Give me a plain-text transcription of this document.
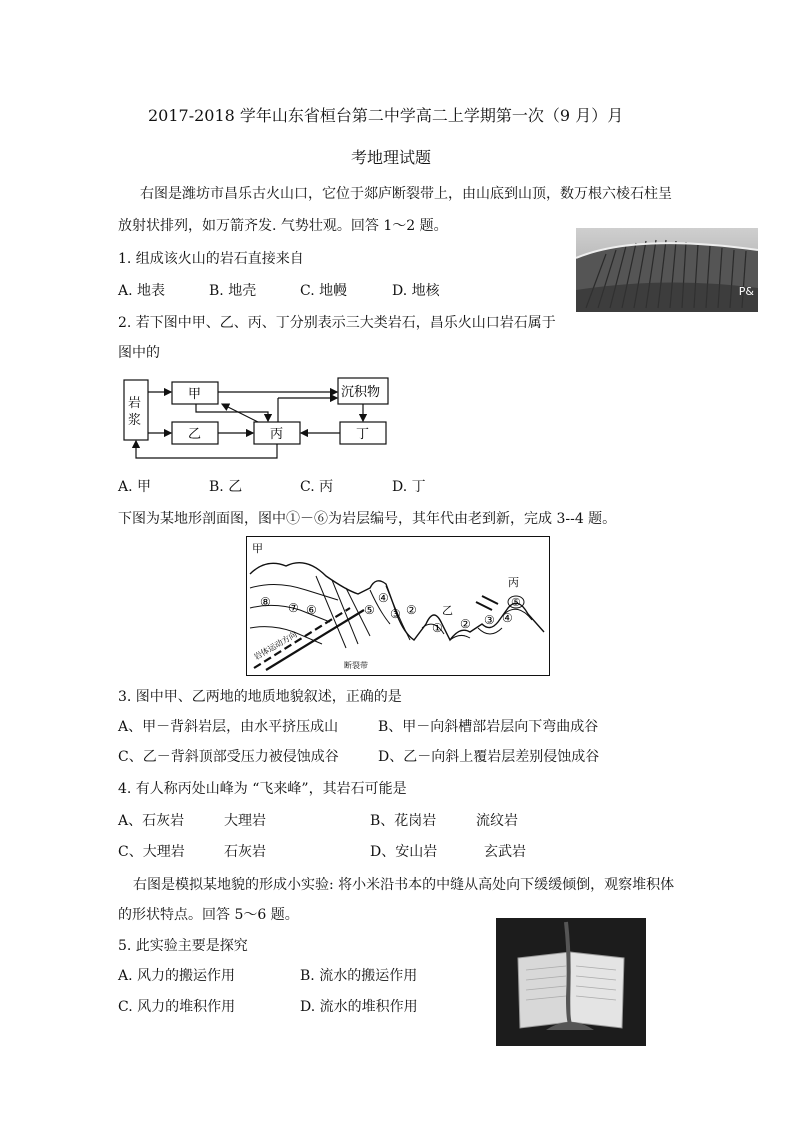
2017-2018 学年山东省桓台第二中学高二上学期第一次（9 月）月
考地理试题
右图是潍坊市昌乐古火山口，它位于郯庐断裂带上，由山底到山顶，数万根六棱石柱呈
放射状排列，如万箭齐发. 气势壮观。回答 1～2 题。
P&
1. 组成该火山的岩石直接来自
A. 地表	B. 地壳	C. 地幔	D. 地核
2. 若下图中甲、乙、丙、丁分别表示三大类岩石，昌乐火山口岩石属于
图中的
甲
乙	丙	丁
沉积物
岩浆
A. 甲	B. 乙	C. 丙	D. 丁
下图为某地形剖面图，图中①－⑥为岩层编号，其年代由老到新，完成 3--4 题。
甲
乙
丙
⑧ ⑦ ⑥	⑤
④
③ ②
① ② ③ ④
⑤
岩体运动方向
断裂带
3. 图中甲、乙两地的地质地貌叙述，正确的是
A、甲－背斜岩层，由水平挤压成山	B、甲－向斜槽部岩层向下弯曲成谷
C、乙－背斜顶部受压力被侵蚀成谷	D、乙－向斜上覆岩层差别侵蚀成谷
4. 有人称丙处山峰为 “飞来峰”，其岩石可能是
A、石灰岩	大理岩	B、花岗岩	流纹岩
C、大理岩	石灰岩	D、安山岩	玄武岩
右图是模拟某地貌的形成小实验: 将小米沿书本的中缝从高处向下缓缓倾倒，观察堆积体
的形状特点。回答 5～6 题。
5. 此实验主要是探究
A. 风力的搬运作用	B. 流水的搬运作用
C. 风力的堆积作用	D. 流水的堆积作用
